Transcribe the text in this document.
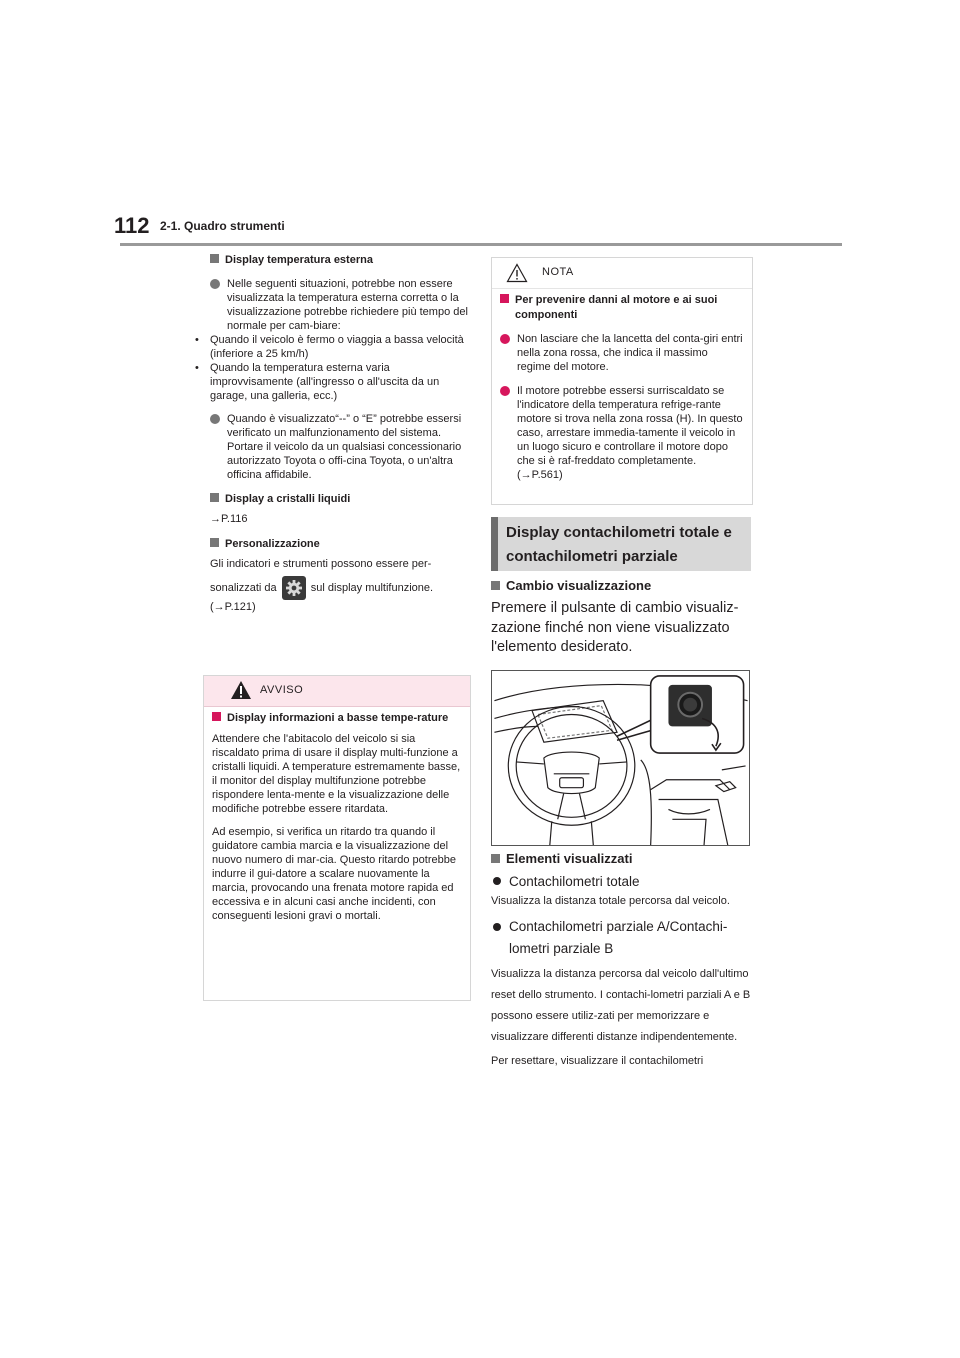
112 2-1. Quadro strumenti

Display temperatura esterna

Nelle seguenti situazioni, potrebbe non essere visualizzata la temperatura esterna corretta o la visualizzazione potrebbe richiedere più tempo del normale per cam-biare:
• Quando il veicolo è fermo o viaggia a bassa velocità (inferiore a 25 km/h)
• Quando la temperatura esterna varia improvvisamente (all'ingresso o all'uscita da un garage, una galleria, ecc.)
Quando è visualizzato“--” o “E” potrebbe essersi verificato un malfunzionamento del sistema. Portare il veicolo da un qualsiasi concessionario autorizzato Toyota o offi-cina Toyota, o un'altra officina affidabile.

Display a cristalli liquidi

→P.116

Personalizzazione

Gli indicatori e strumenti possono essere per-sonalizzati da	sul display multifunzione.

(→P.121)

AVVISO

Display informazioni a basse tempe-rature

Attendere che l'abitacolo del veicolo si sia riscaldato prima di usare il display multi-funzione a cristalli liquidi. A temperature estremamente basse, il monitor del display multifunzione potrebbe rispondere lenta-mente e la visualizzazione delle modifiche potrebbe essere ritardata.

Ad esempio, si verifica un ritardo tra quando il guidatore cambia marcia e la visualizzazione del nuovo numero di mar-cia. Questo ritardo potrebbe indurre il gui-datore a scalare nuovamente la marcia, provocando una frenata motore rapida ed eccessiva e in alcuni casi anche incidenti, con conseguenti lesioni gravi o mortali.

NOTA

Per prevenire danni al motore e ai suoi componenti

Non lasciare che la lancetta del conta-giri entri nella zona rossa, che indica il massimo regime del motore.
Il motore potrebbe essersi surriscaldato se l'indicatore della temperatura refrige-rante motore si trova nella zona rossa (H). In questo caso, arrestare immedia-tamente il veicolo in un luogo sicuro e controllare il motore dopo che si è raf-freddato completamente. (→P.561)
Display contachilometri totale e contachilometri parziale

Cambio visualizzazione

Premere il pulsante di cambio visualiz-zazione finché non viene visualizzato l'elemento desiderato.

Elementi visualizzati

Contachilometri totale

Visualizza la distanza totale percorsa dal veicolo.

Contachilometri parziale A/Contachi-lometri parziale B

Visualizza la distanza percorsa dal veicolo dall'ultimo reset dello strumento. I contachi-lometri parziali A e B possono essere utiliz-zati per memorizzare e visualizzare differenti distanze indipendentemente.

Per resettare, visualizzare il contachilometri
